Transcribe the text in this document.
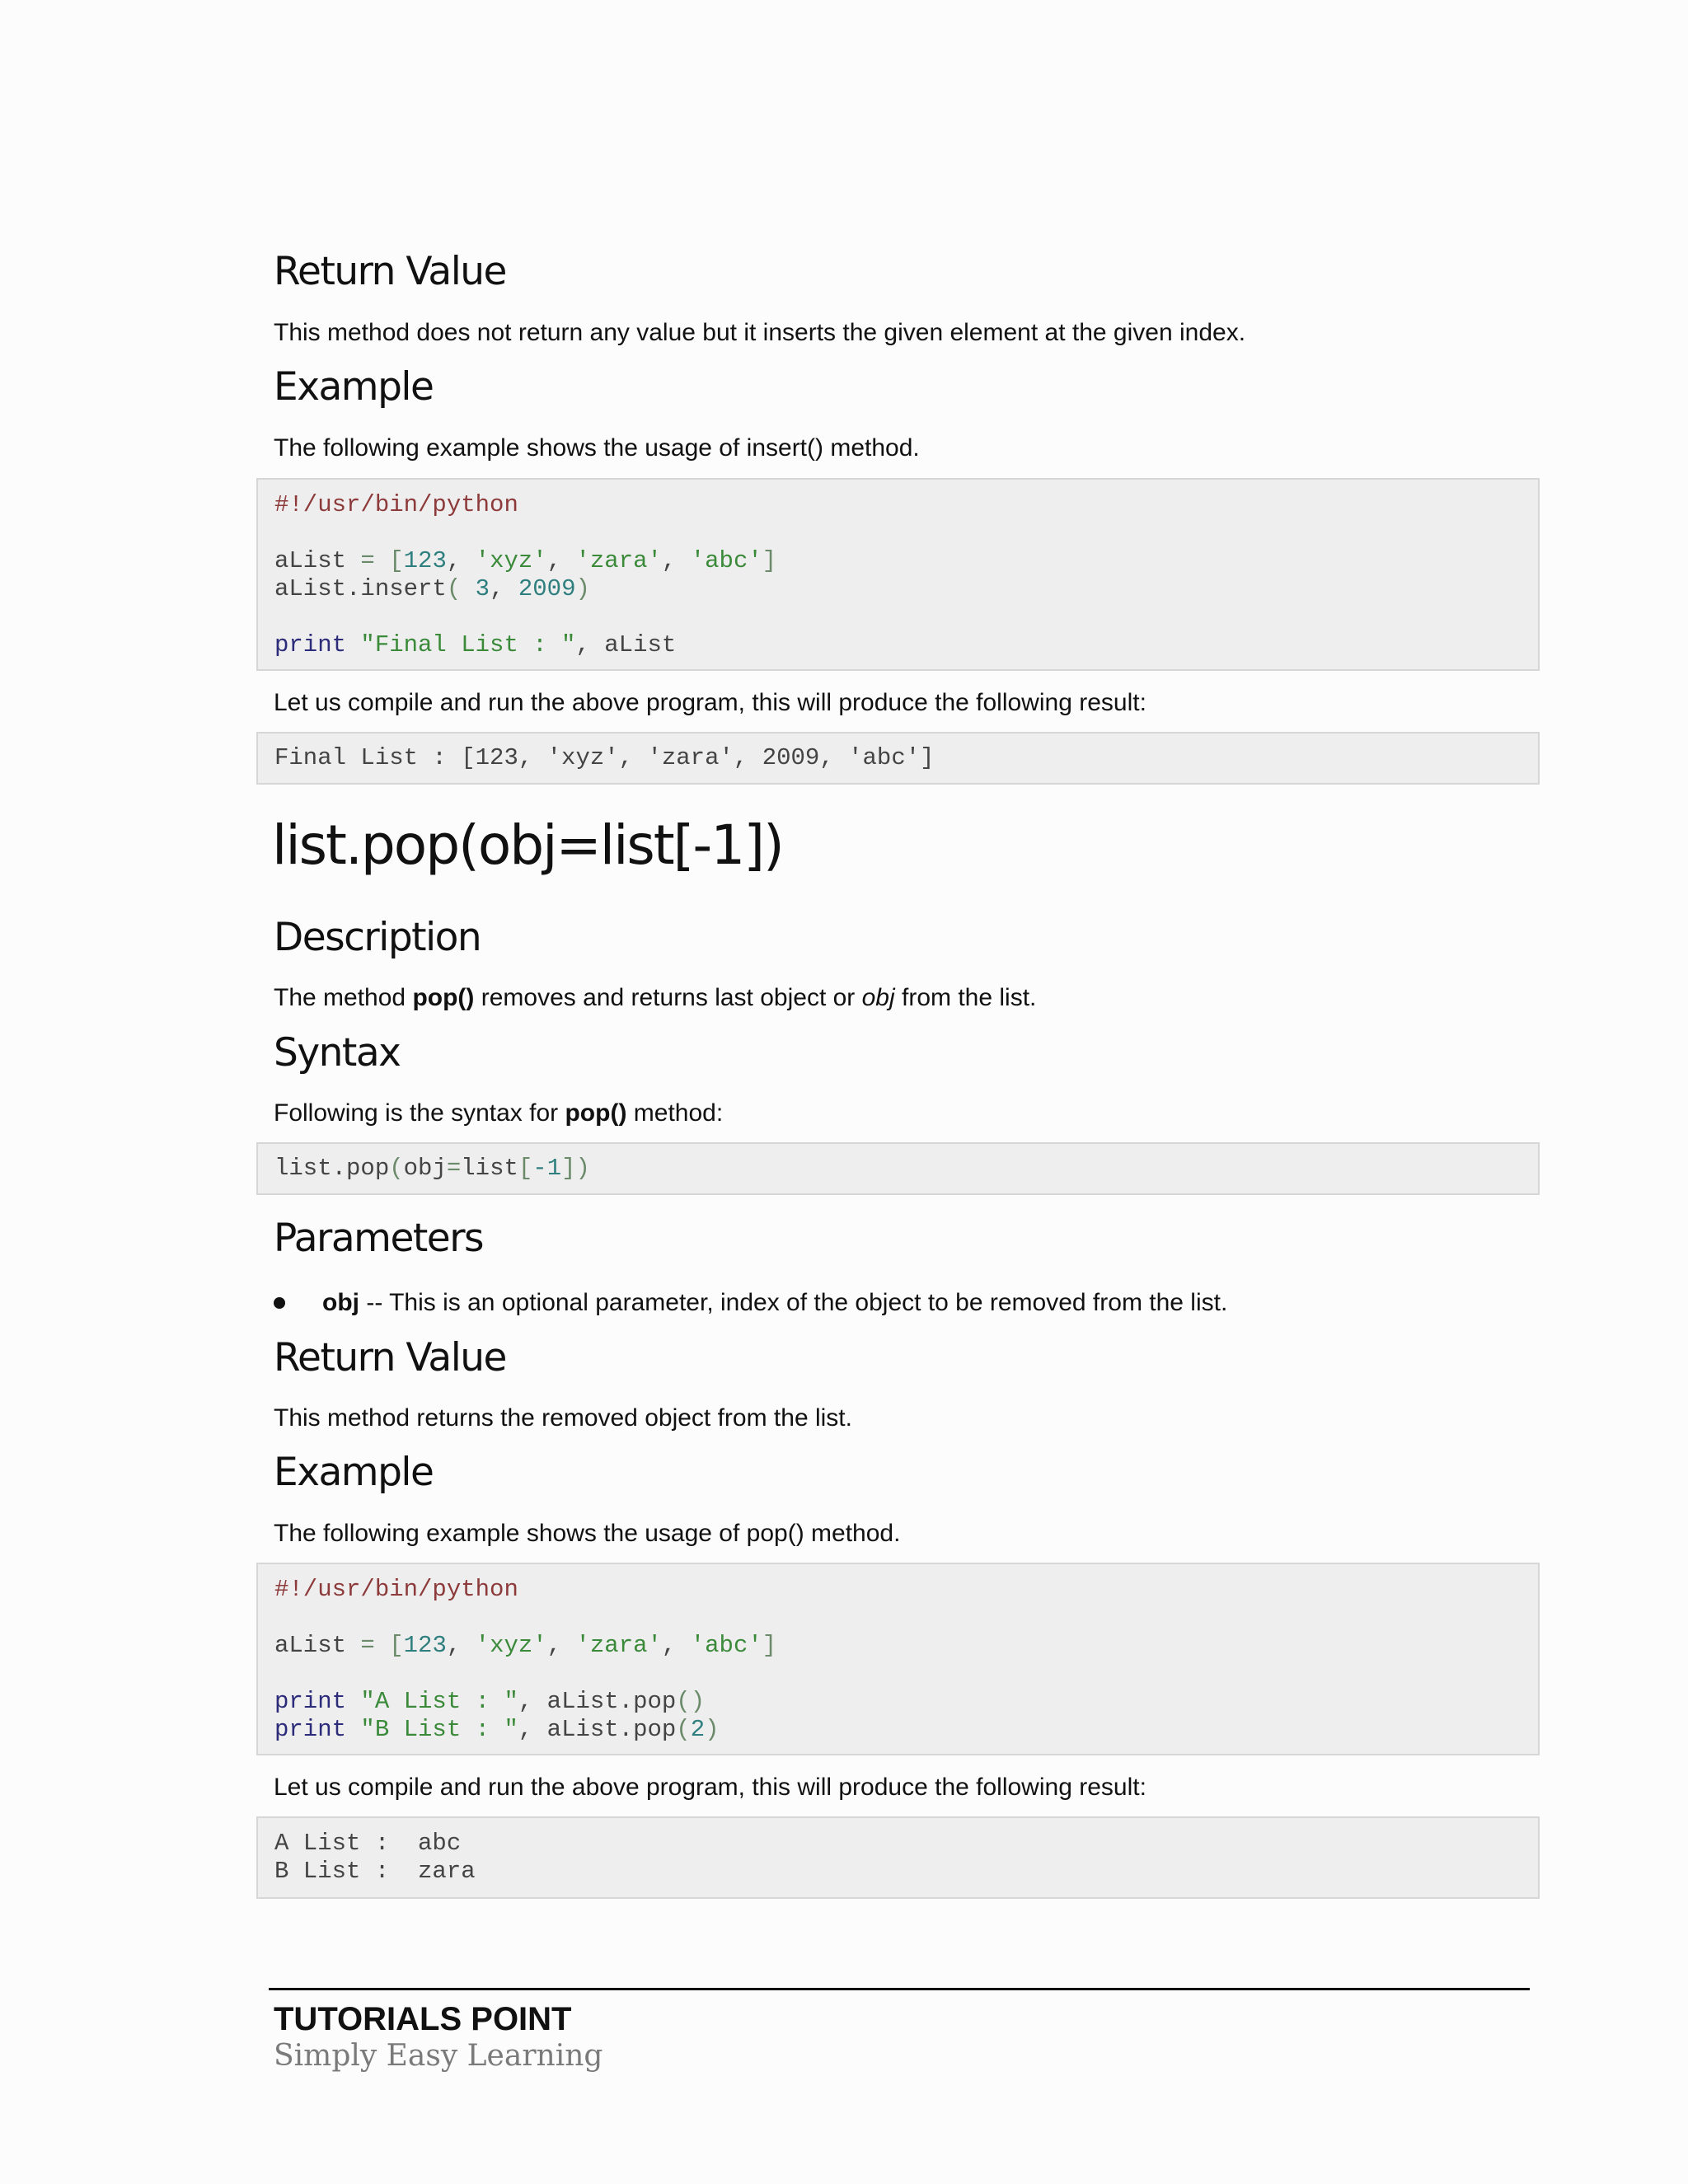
Return Value

This method does not return any value but it inserts the given element at the given index.

Example

The following example shows the usage of insert() method.

#!/usr/bin/python
aList = [123, 'xyz', 'zara', 'abc']
aList.insert( 3, 2009)
print "Final List : ", aList

Let us compile and run the above program, this will produce the following result:

Final List : [123, 'xyz', 'zara', 2009, 'abc']
list.pop(obj=list[-1])
Description

The method pop() removes and returns last object or obj from the list.

Syntax

Following is the syntax for pop() method:

list.pop(obj=list[-1])
Parameters

obj -- This is an optional parameter, index of the object to be removed from the list.

Return Value

This method returns the removed object from the list.

Example

The following example shows the usage of pop() method.

#!/usr/bin/python
aList = [123, 'xyz', 'zara', 'abc']
print "A List : ", aList.pop()
print "B List : ", aList.pop(2)

Let us compile and run the above program, this will produce the following result:

A List :  abc
B List :  zara

TUTORIALS POINT

Simply Easy Learning
